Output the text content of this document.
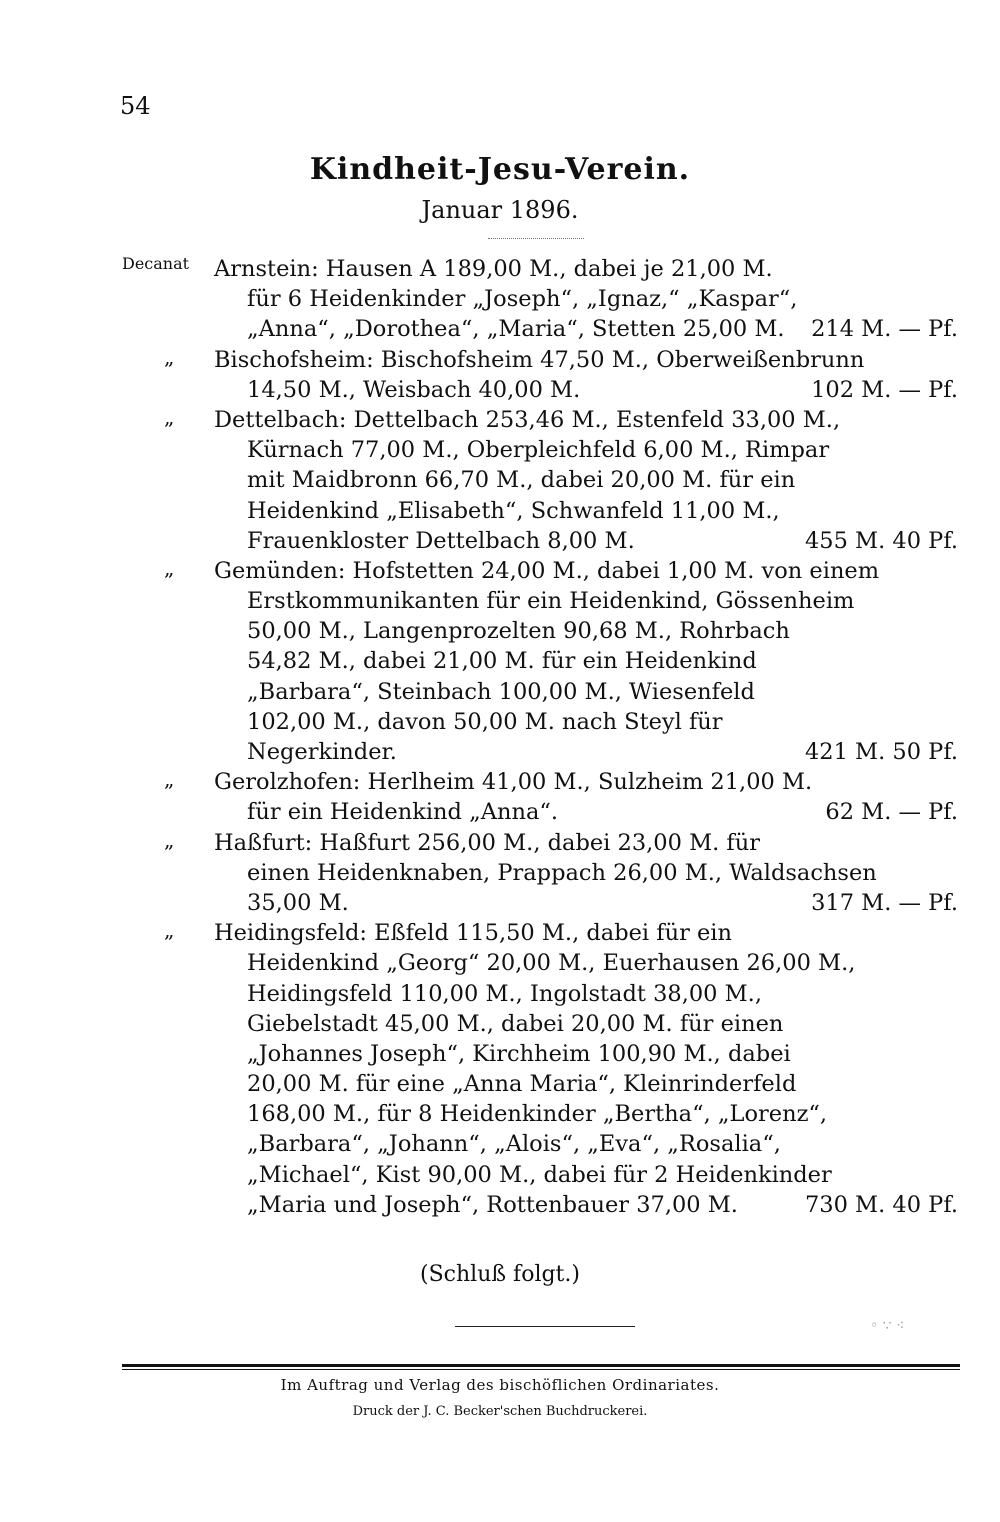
54
Kindheit-Jesu-Verein.
Januar 1896.
Arnstein: Hausen A 189,00 M., dabei je 21,00 M.
für 6 Heidenkinder „Joseph“, „Ignaz,“ „Kaspar“,
„Anna“, „Dorothea“, „Maria“, Stetten 25,00 M.
Decanat
214 M. — Pf.
Bischofsheim: Bischofsheim 47,50 M., Oberweißenbrunn
14,50 M., Weisbach 40,00 M.
„
102 M. — Pf.
Dettelbach: Dettelbach 253,46 M., Estenfeld 33,00 M.,
Kürnach 77,00 M., Oberpleichfeld 6,00 M., Rimpar
mit Maidbronn 66,70 M., dabei 20,00 M. für ein
Heidenkind „Elisabeth“, Schwanfeld 11,00 M.,
Frauenkloster Dettelbach 8,00 M.
„
455 M. 40 Pf.
Gemünden: Hofstetten 24,00 M., dabei 1,00 M. von einem
Erstkommunikanten für ein Heidenkind, Gössenheim
50,00 M., Langenprozelten 90,68 M., Rohrbach
54,82 M., dabei 21,00 M. für ein Heidenkind
„Barbara“, Steinbach 100,00 M., Wiesenfeld
102,00 M., davon 50,00 M. nach Steyl für
Negerkinder.
„
421 M. 50 Pf.
Gerolzhofen: Herlheim 41,00 M., Sulzheim 21,00 M.
für ein Heidenkind „Anna“.
„
62 M. — Pf.
Haßfurt: Haßfurt 256,00 M., dabei 23,00 M. für
einen Heidenknaben, Prappach 26,00 M., Waldsachsen
35,00 M.
„
317 M. — Pf.
Heidingsfeld: Eßfeld 115,50 M., dabei für ein
Heidenkind „Georg“ 20,00 M., Euerhausen 26,00 M.,
Heidingsfeld 110,00 M., Ingolstadt 38,00 M.,
Giebelstadt 45,00 M., dabei 20,00 M. für einen
„Johannes Joseph“, Kirchheim 100,90 M., dabei
20,00 M. für eine „Anna Maria“, Kleinrinderfeld
168,00 M., für 8 Heidenkinder „Bertha“, „Lorenz“,
„Barbara“, „Johann“, „Alois“, „Eva“, „Rosalia“,
„Michael“, Kist 90,00 M., dabei für 2 Heidenkinder
„Maria und Joseph“, Rottenbauer 37,00 M.
„
730 M. 40 Pf.
(Schluß folgt.)
◦ ∵ ⁖
Im Auftrag und Verlag des bischöflichen Ordinariates.
Druck der J. C. Becker'schen Buchdruckerei.
